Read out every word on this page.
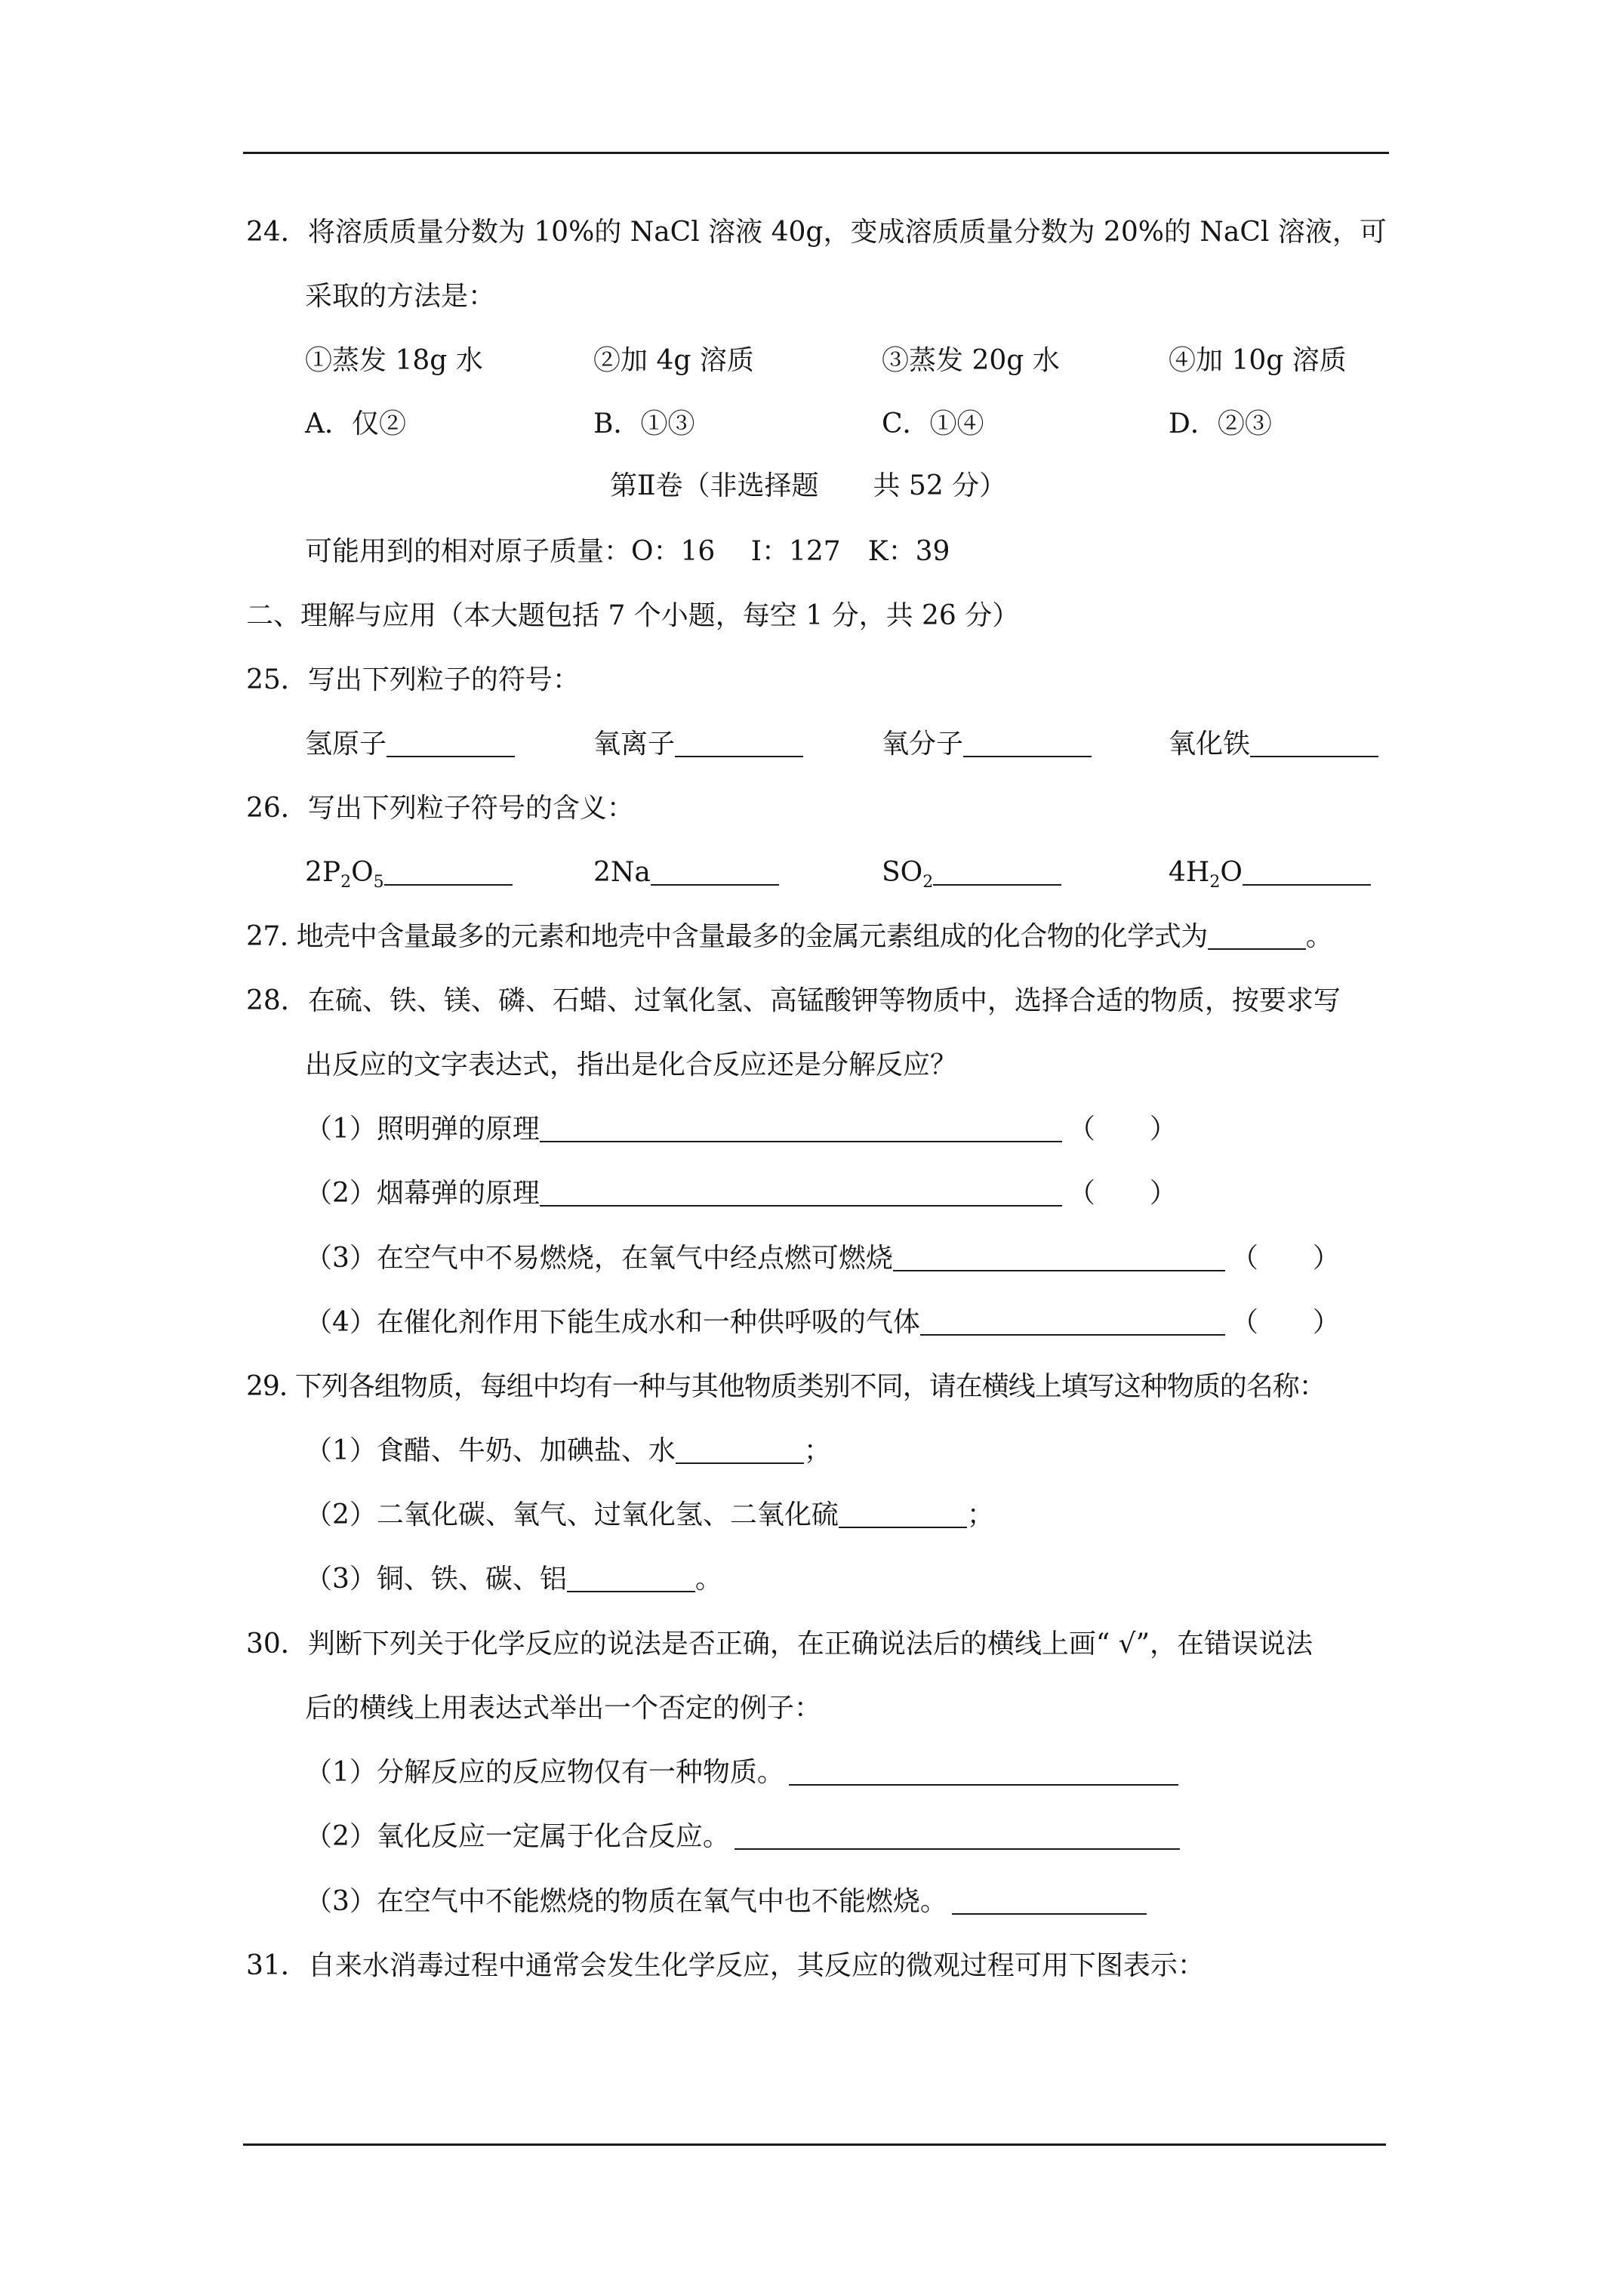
24．将溶质质量分数为 10%的 NaCl 溶液 40g，变成溶质质量分数为 20%的 NaCl 溶液，可
采取的方法是：
①蒸发 18g 水	②加 4g 溶质	③蒸发 20g 水	④加 10g 溶质
A．仅②	B．①③	C．①④	D．②③
第Ⅱ卷（非选择题　　共 52 分）
可能用到的相对原子质量：O：16　 I：127　K：39
二、理解与应用（本大题包括 7 个小题，每空 1 分，共 26 分）
25．写出下列粒子的符号：
氢原子	氧离子	氧分子	氧化铁
26．写出下列粒子符号的含义：
$2P_2O_5$	2Na	$SO_2$	$4H_2O$
27. 地壳中含量最多的元素和地壳中含量最多的金属元素组成的化合物的化学式为	。
28．在硫、铁、镁、磷、石蜡、过氧化氢、高锰酸钾等物质中，选择合适的物质，按要求写
出反应的文字表达式，指出是化合反应还是分解反应？
（1）照明弹的原理	（　　）
（2）烟幕弹的原理	（　　）
（3）在空气中不易燃烧，在氧气中经点燃可燃烧	（　　）
（4）在催化剂作用下能生成水和一种供呼吸的气体	（　　）
29. 下列各组物质，每组中均有一种与其他物质类别不同，请在横线上填写这种物质的名称：
（1）食醋、牛奶、加碘盐、水	；
（2）二氧化碳、氧气、过氧化氢、二氧化硫	；
（3）铜、铁、碳、铝	。
30．判断下列关于化学反应的说法是否正确，在正确说法后的横线上画“ √”，在错误说法
后的横线上用表达式举出一个否定的例子：
（1）分解反应的反应物仅有一种物质。
（2）氧化反应一定属于化合反应。
（3）在空气中不能燃烧的物质在氧气中也不能燃烧。
31．自来水消毒过程中通常会发生化学反应，其反应的微观过程可用下图表示：
